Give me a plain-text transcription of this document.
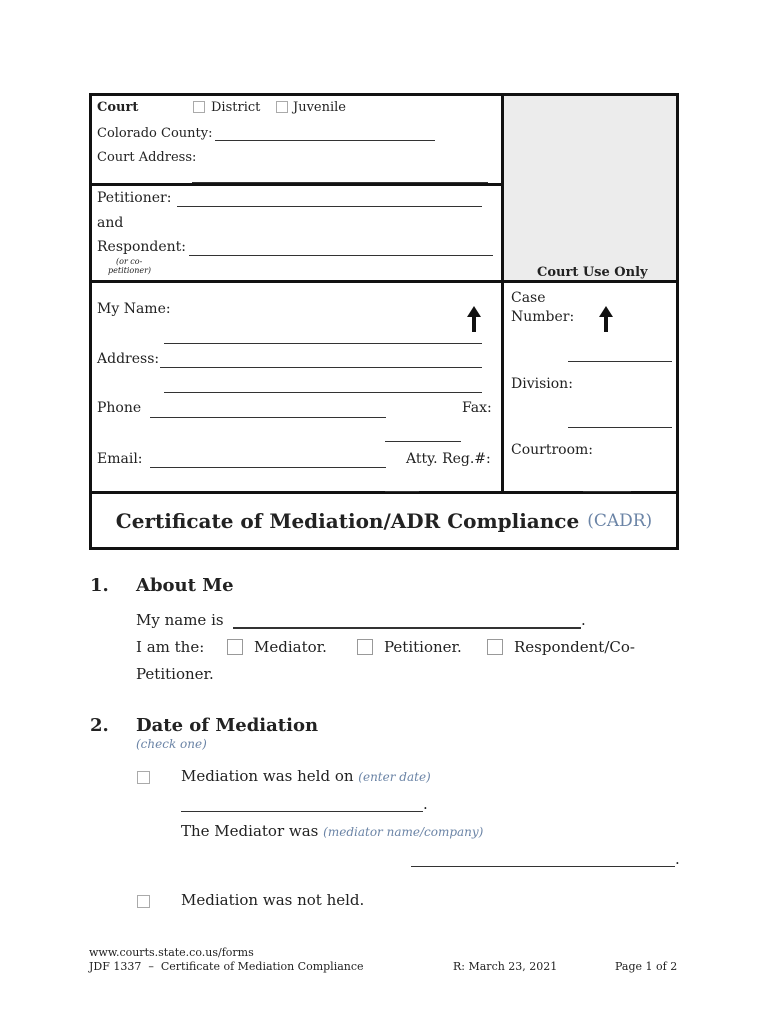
Court	District	Juvenile
Colorado County:
Court Address:
Petitioner:
and
Respondent:
(or co-
petitioner)	Court Use Only
My Name:
Address:
Phone	Fax:
Email:	Atty. Reg.#:
Case
Number:
Division:
Courtroom:
Certificate of Mediation/ADR Compliance (CADR)
1. About Me
My name is	.
I am the:	Mediator.	Petitioner.	Respondent/Co-
Petitioner.
2. Date of Mediation
(check one)
Mediation was held on (enter date)
.
The Mediator was (mediator name/company)
.
Mediation was not held.
www.courts.state.co.us/forms
JDF 1337  –  Certificate of Mediation Compliance	R: March 23, 2021	Page 1 of 2
